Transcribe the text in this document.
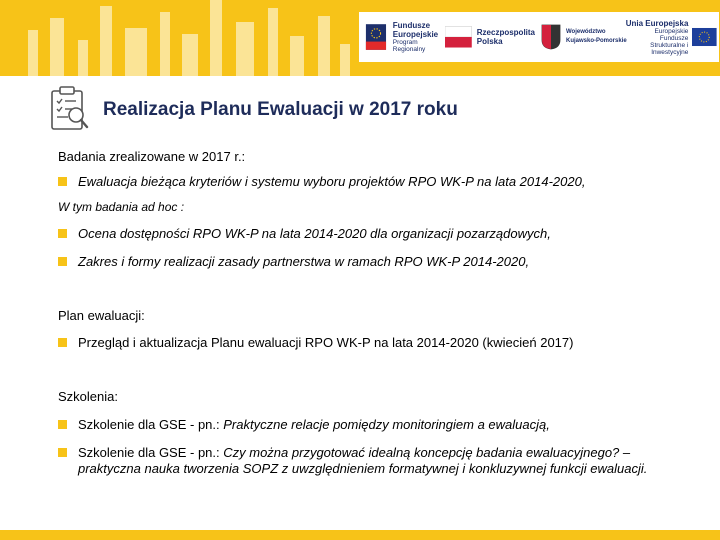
Fundusze
Europejskie
Program Regionalny
Rzeczpospolita
Polska
Województwo
Kujawsko-Pomorskie
Unia Europejska
Europejskie Fundusze
Strukturalne i Inwestycyjne
Realizacja Planu Ewaluacji w 2017 roku
Badania zrealizowane w 2017 r.:
Ewaluacja bieżąca kryteriów i systemu wyboru projektów RPO WK-P na lata 2014-2020,
W tym badania ad hoc :
Ocena dostępności RPO WK-P na lata 2014-2020 dla organizacji pozarządowych,
Zakres i formy realizacji zasady partnerstwa w ramach RPO WK-P 2014-2020,
Plan ewaluacji:
Przegląd i aktualizacja Planu ewaluacji RPO WK-P na lata 2014-2020 (kwiecień 2017)
Szkolenia:
Szkolenie dla GSE - pn.: Praktyczne relacje pomiędzy monitoringiem a ewaluacją,
Szkolenie dla GSE - pn.: Czy można przygotować idealną koncepcję badania ewaluacyjnego? – praktyczna nauka tworzenia SOPZ z uwzględnieniem formatywnej i konkluzywnej funkcji ewaluacji.
